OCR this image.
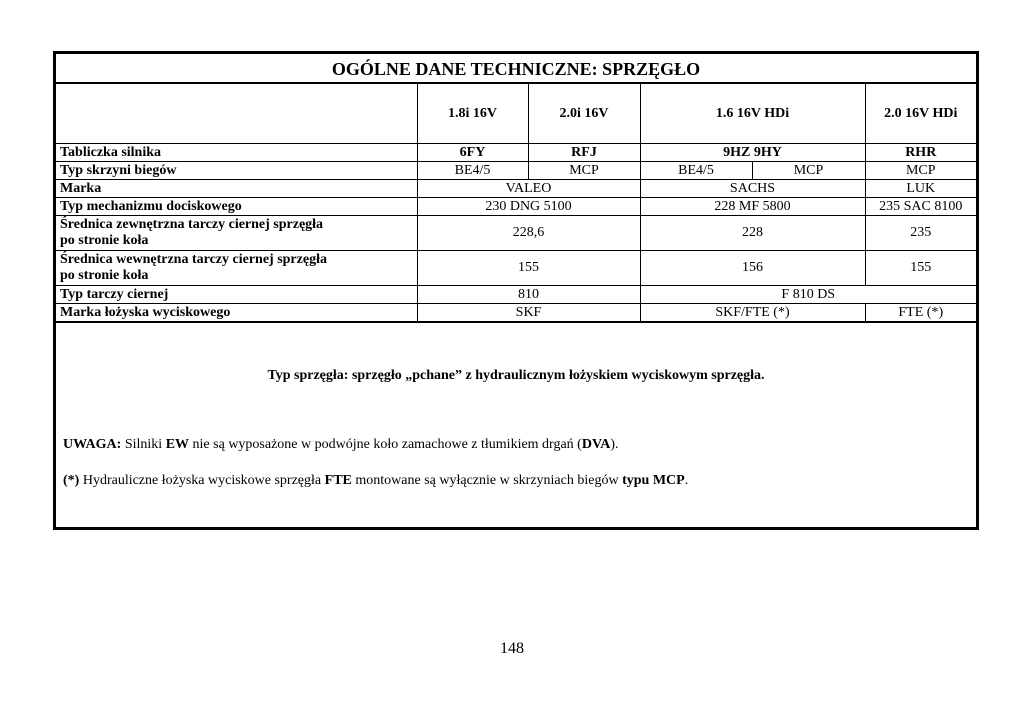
OGÓLNE DANE TECHNICZNE: SPRZĘGŁO
	1.8i 16V	2.0i 16V	1.6 16V HDi		2.0 16V HDi
Tabliczka silnika	6FY	RFJ	9HZ 9HY		RHR
Typ skrzyni biegów	BE4/5	MCP	BE4/5	MCP	MCP
Marka	VALEO		SACHS		LUK
Typ mechanizmu dociskowego	230 DNG 5100		228 MF 5800		235 SAC 8100
Średnica zewnętrzna tarczy ciernej sprzęgła
po stronie koła	228,6		228		235
Średnica wewnętrzna tarczy ciernej sprzęgła
po stronie koła	155		156		155
Typ tarczy ciernej	810		F 810 DS		
Marka łożyska wyciskowego	SKF		SKF/FTE (*)		FTE (*)
Typ sprzęgła: sprzęgło „pchane” z hydraulicznym łożyskiem wyciskowym sprzęgła.
UWAGA: Silniki EW nie są wyposażone w podwójne koło zamachowe z tłumikiem drgań (DVA).
(*) Hydrauliczne łożyska wyciskowe sprzęgła FTE montowane są wyłącznie w skrzyniach biegów typu MCP.
148
